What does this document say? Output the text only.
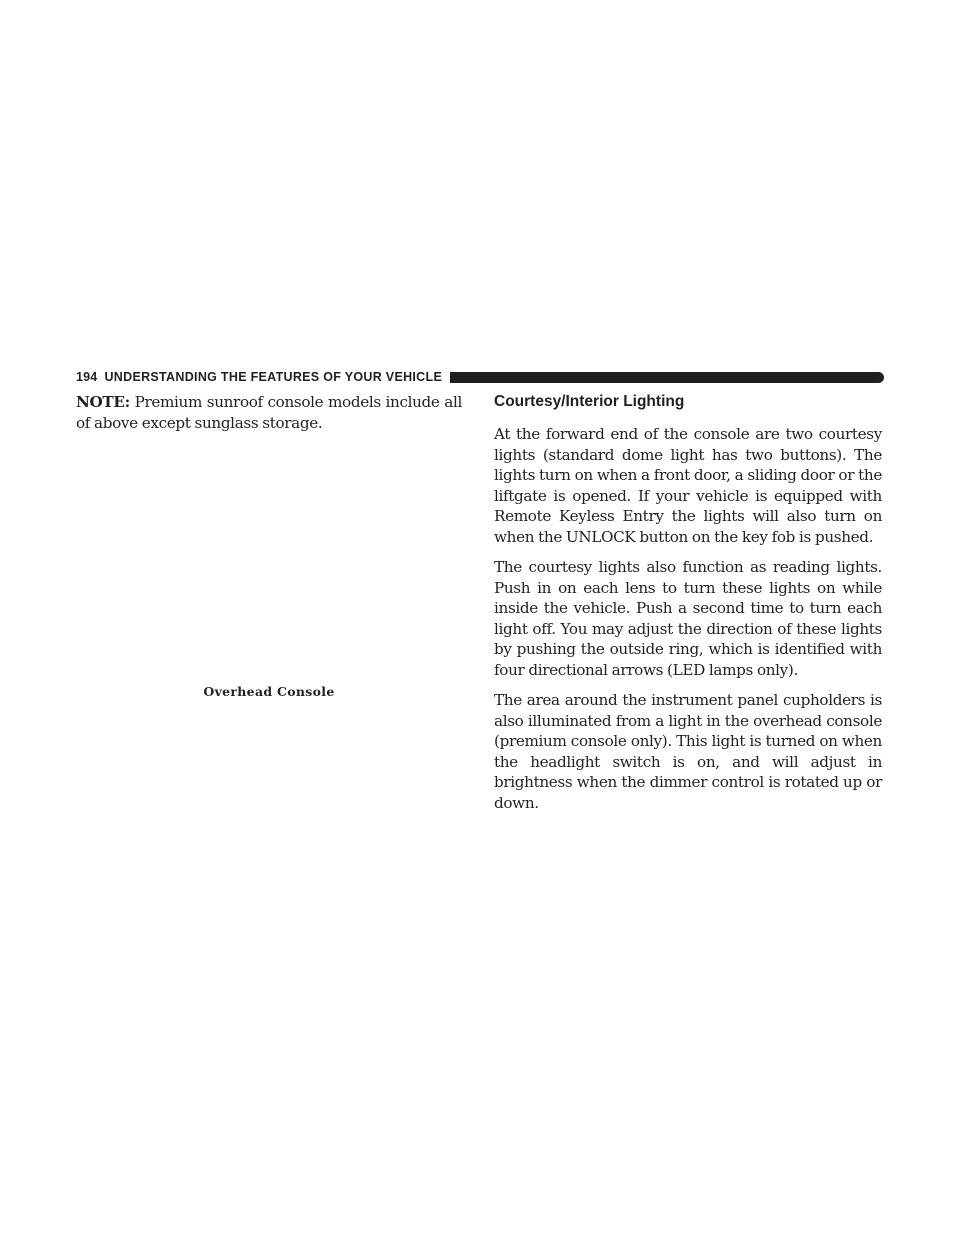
194 UNDERSTANDING THE FEATURES OF YOUR VEHICLE

NOTE: Premium sunroof console models include all of above except sunglass storage.

Overhead Console
Courtesy/Interior Lighting

At the forward end of the console are two courtesy lights (standard dome light has two buttons). The lights turn on when a front door, a sliding door or the liftgate is opened. If your vehicle is equipped with Remote Keyless Entry the lights will also turn on when the UNLOCK button on the key fob is pushed.

The courtesy lights also function as reading lights. Push in on each lens to turn these lights on while inside the vehicle. Push a second time to turn each light off. You may adjust the direction of these lights by pushing the outside ring, which is identified with four directional arrows (LED lamps only).

The area around the instrument panel cupholders is also illuminated from a light in the overhead console (premium console only). This light is turned on when the headlight switch is on, and will adjust in brightness when the dimmer control is rotated up or down.
